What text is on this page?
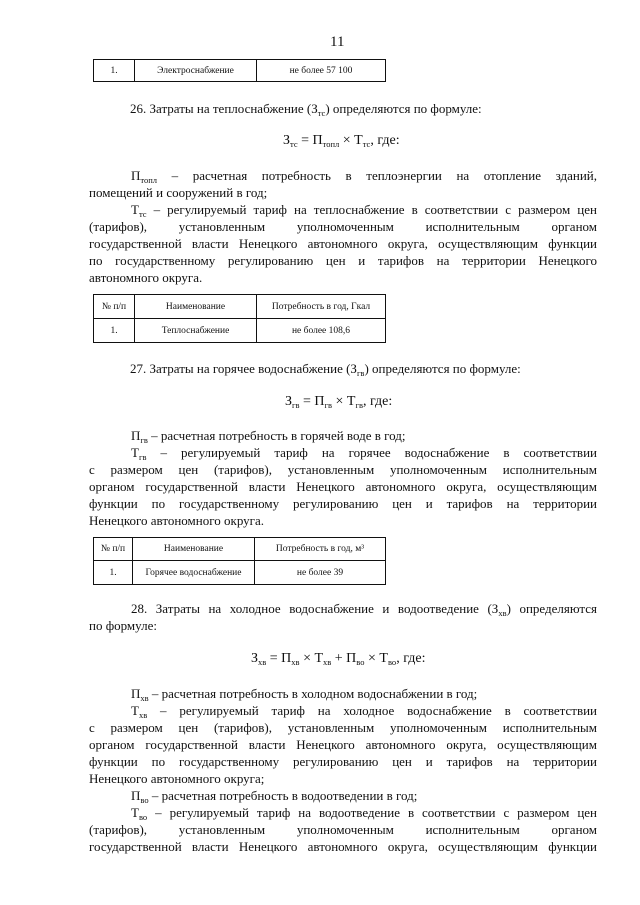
11
1.	Электроснабжение	не более 57 100
26. Затраты на теплоснабжение $(З_{тс})$ определяются по формуле:
$З_{тс} = П_{топл} \times Т_{тс}$, где:
$П_{топл}$ – расчетная потребность в теплоэнергии на отопление зданий,
помещений и сооружений в год;
$Т_{тс}$ – регулируемый тариф на теплоснабжение в соответствии с размером цен
(тарифов), установленным уполномоченным исполнительным органом
государственной власти Ненецкого автономного округа, осуществляющим функции
по государственному регулированию цен и тарифов на территории Ненецкого
автономного округа.
№ п/п	Наименование	Потребность в год, Гкал
1.	Теплоснабжение	не более 108,6
27. Затраты на горячее водоснабжение $(З_{гв})$ определяются по формуле:
$З_{гв} = П_{гв} \times Т_{гв}$, где:
$П_{гв}$ – расчетная потребность в горячей воде в год;
$Т_{гв}$ – регулируемый тариф на горячее водоснабжение в соответствии
с размером цен (тарифов), установленным уполномоченным исполнительным
органом государственной власти Ненецкого автономного округа, осуществляющим
функции по государственному регулированию цен и тарифов на территории
Ненецкого автономного округа.
№ п/п	Наименование	Потребность в год, м³
1.	Горячее водоснабжение	не более 39
28. Затраты на холодное водоснабжение и водоотведение $(З_{хв})$ определяются
по формуле:
$З_{хв} = П_{хв} \times Т_{хв} + П_{во} \times Т_{во}$, где:
$П_{хв}$ – расчетная потребность в холодном водоснабжении в год;
$Т_{хв}$ – регулируемый тариф на холодное водоснабжение в соответствии
с размером цен (тарифов), установленным уполномоченным исполнительным
органом государственной власти Ненецкого автономного округа, осуществляющим
функции по государственному регулированию цен и тарифов на территории
Ненецкого автономного округа;
$П_{во}$ – расчетная потребность в водоотведении в год;
$Т_{во}$ – регулируемый тариф на водоотведение в соответствии с размером цен
(тарифов), установленным уполномоченным исполнительным органом
государственной власти Ненецкого автономного округа, осуществляющим функции
